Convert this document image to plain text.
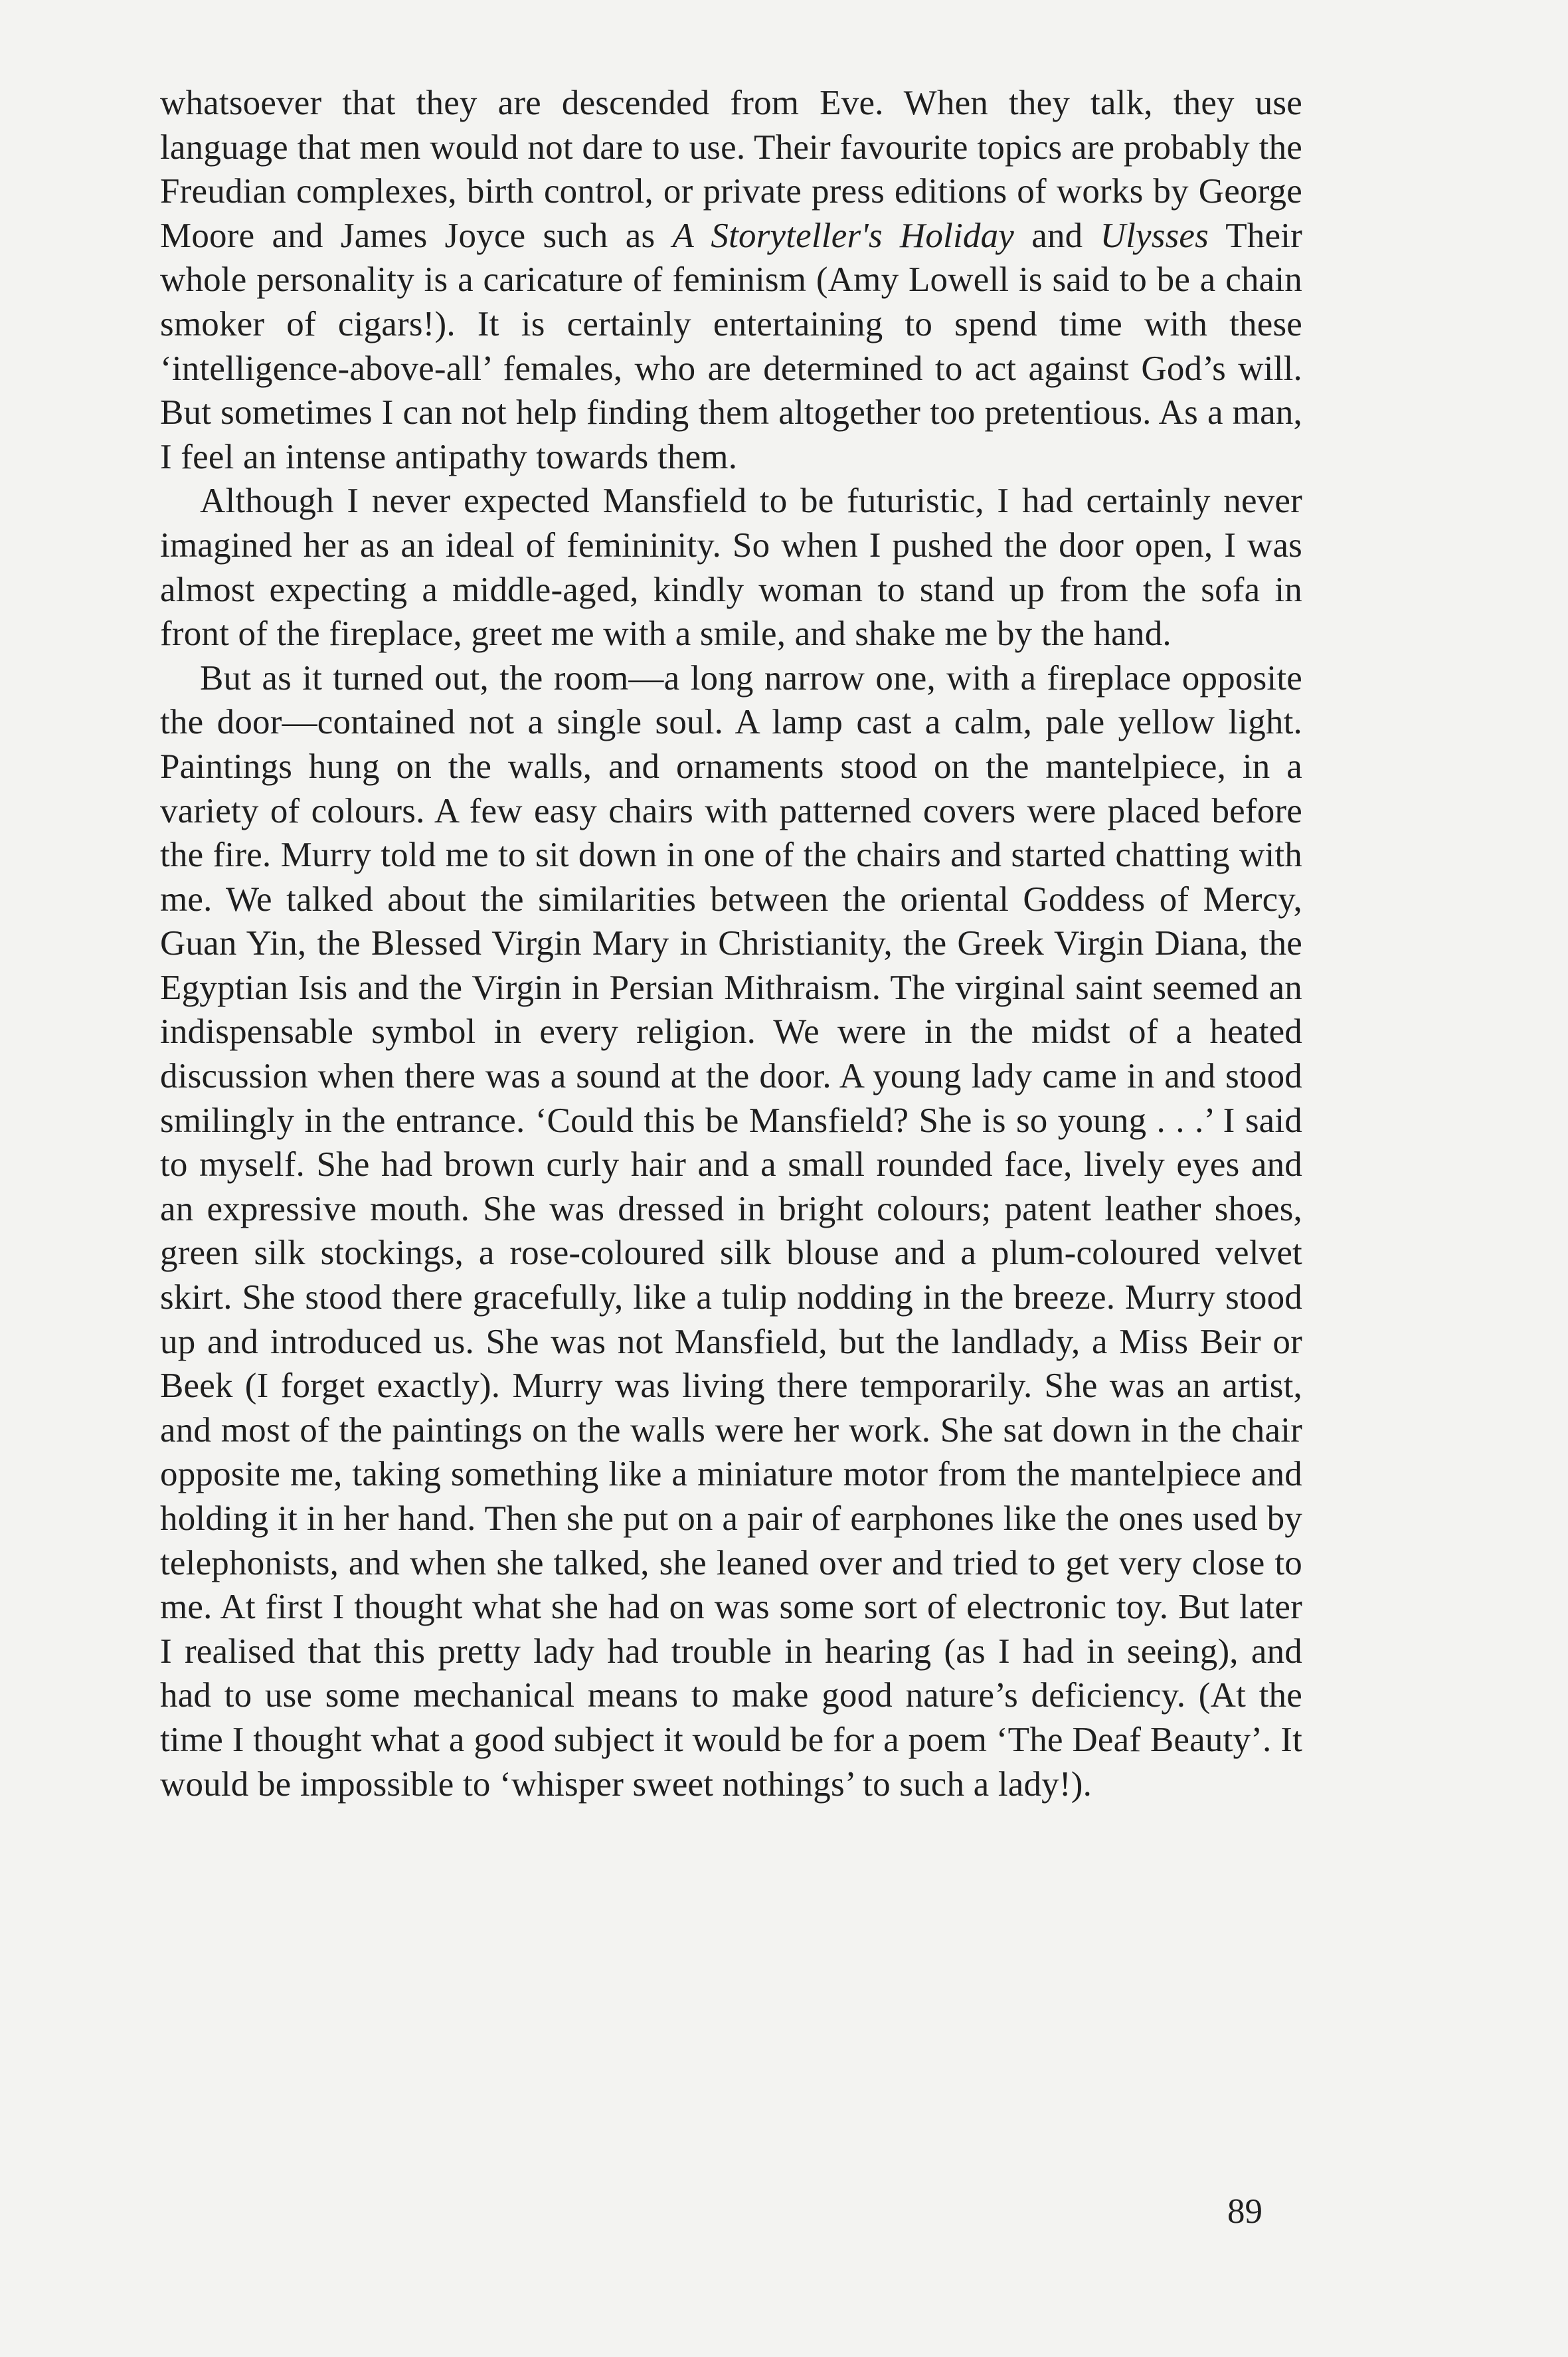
whatsoever that they are descended from Eve. When they talk, they use language that men would not dare to use. Their favourite topics are probably the Freudian complexes, birth control, or private press editions of works by George Moore and James Joyce such as A Storyteller's Holiday and Ulysses Their whole personality is a caricature of feminism (Amy Lowell is said to be a chain smoker of cigars!). It is certainly entertaining to spend time with these ‘intelligence-above-all’ females, who are determined to act against God’s will. But sometimes I can not help finding them altogether too pretentious. As a man, I feel an intense antipathy towards them.

Although I never expected Mansfield to be futuristic, I had certainly never imagined her as an ideal of femininity. So when I pushed the door open, I was almost expecting a middle-aged, kindly woman to stand up from the sofa in front of the fireplace, greet me with a smile, and shake me by the hand.

But as it turned out, the room—a long narrow one, with a fireplace opposite the door—contained not a single soul. A lamp cast a calm, pale yellow light. Paintings hung on the walls, and ornaments stood on the mantelpiece, in a variety of colours. A few easy chairs with patterned covers were placed before the fire. Murry told me to sit down in one of the chairs and started chatting with me. We talked about the similarities between the oriental Goddess of Mercy, Guan Yin, the Blessed Virgin Mary in Christianity, the Greek Virgin Diana, the Egyptian Isis and the Virgin in Persian Mithraism. The virginal saint seemed an indispensable symbol in every religion. We were in the midst of a heated discussion when there was a sound at the door. A young lady came in and stood smilingly in the entrance. ‘Could this be Mansfield? She is so young . . .’ I said to myself. She had brown curly hair and a small rounded face, lively eyes and an expressive mouth. She was dressed in bright colours; patent leather shoes, green silk stockings, a rose-coloured silk blouse and a plum-coloured velvet skirt. She stood there gracefully, like a tulip nodding in the breeze. Murry stood up and introduced us. She was not Mansfield, but the landlady, a Miss Beir or Beek (I forget exactly). Murry was living there temporarily. She was an artist, and most of the paintings on the walls were her work. She sat down in the chair opposite me, taking something like a miniature motor from the mantelpiece and holding it in her hand. Then she put on a pair of earphones like the ones used by telephonists, and when she talked, she leaned over and tried to get very close to me. At first I thought what she had on was some sort of electronic toy. But later I realised that this pretty lady had trouble in hearing (as I had in seeing), and had to use some mechanical means to make good nature’s deficiency. (At the time I thought what a good subject it would be for a poem ‘The Deaf Beauty’. It would be impossible to ‘whisper sweet nothings’ to such a lady!).

89
